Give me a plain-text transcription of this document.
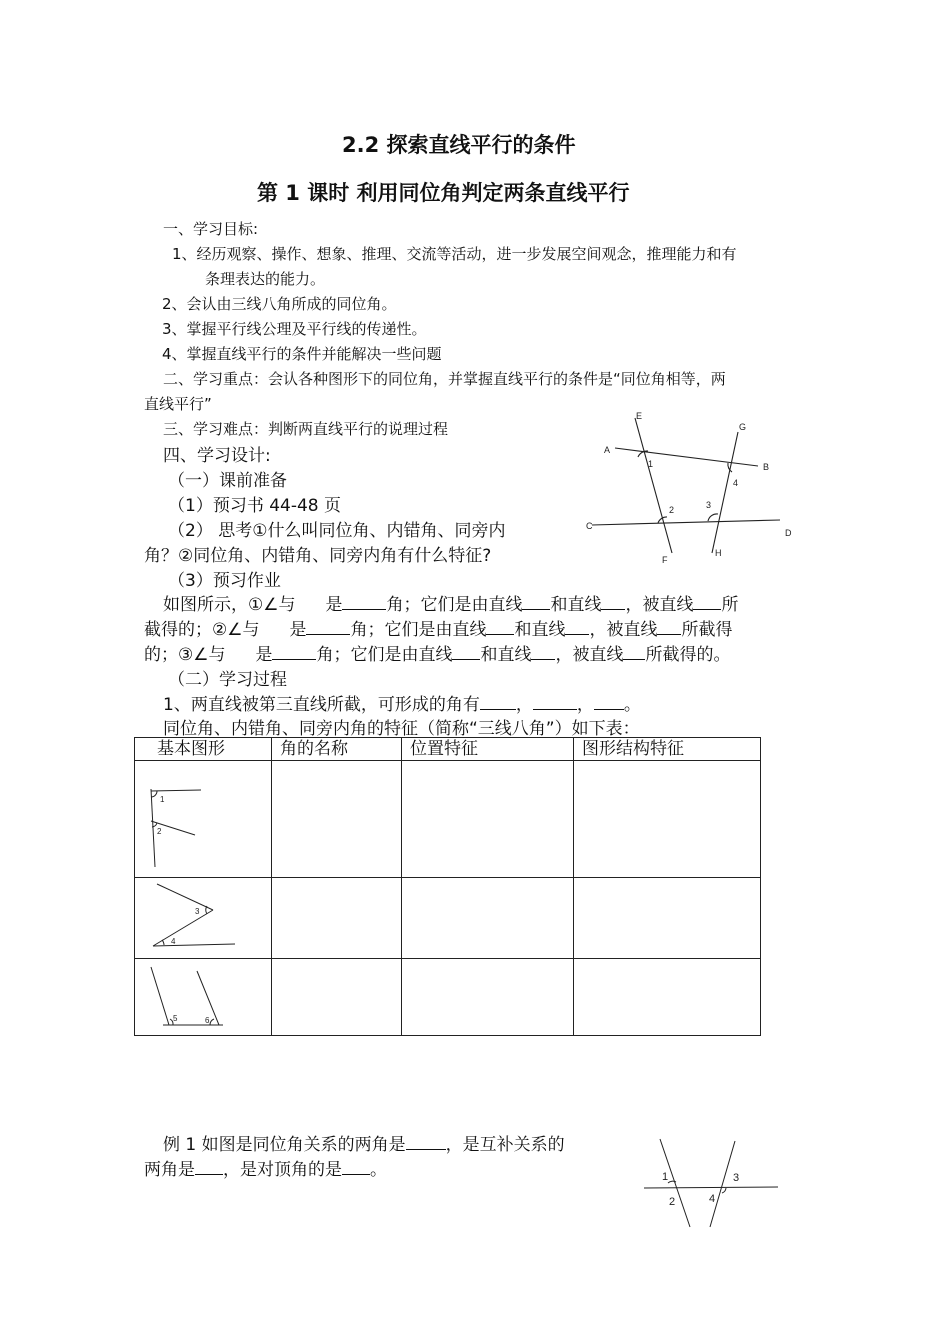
2.2 探索直线平行的条件
第 1 课时 利用同位角判定两条直线平行
一、学习目标:
1、经历观察、操作、想象、推理、交流等活动，进一步发展空间观念，推理能力和有
条理表达的能力。
2、会认由三线八角所成的同位角。
3、掌握平行线公理及平行线的传递性。
4、掌握直线平行的条件并能解决一些问题
二、学习重点：会认各种图形下的同位角，并掌握直线平行的条件是“同位角相等，两
直线平行”
三、学习难点：判断两直线平行的说理过程
四、学习设计:
（一）课前准备
（1）预习书 44-48 页
（2） 思考①什么叫同位角、内错角、同旁内
角？②同位角、内错角、同旁内角有什么特征?
（3）预习作业
如图所示，①∠与 是	角；它们是由直线 和直线 ，被直线 所
截得的；②∠与 是	角；它们是由直线 和直线 ，被直线 所截得
的；③∠与 是	角；它们是由直线 和直线 ，被直线 所截得的。
（二）学习过程
1、两直线被第三直线所截，可形成的角有 ，	， 。
同位角、内错角、同旁内角的特征（简称“三线八角”）如下表：
E
G
A
B
1
4
2	3
C
D
F
H
基本图形	角的名称	位置特征	图形结构特征

1
2			

3
4			

5 6			

例 1 如图是同位角关系的两角是 ，是互补关系的
两角是 ，是对顶角的是 。	1
2
3
4
